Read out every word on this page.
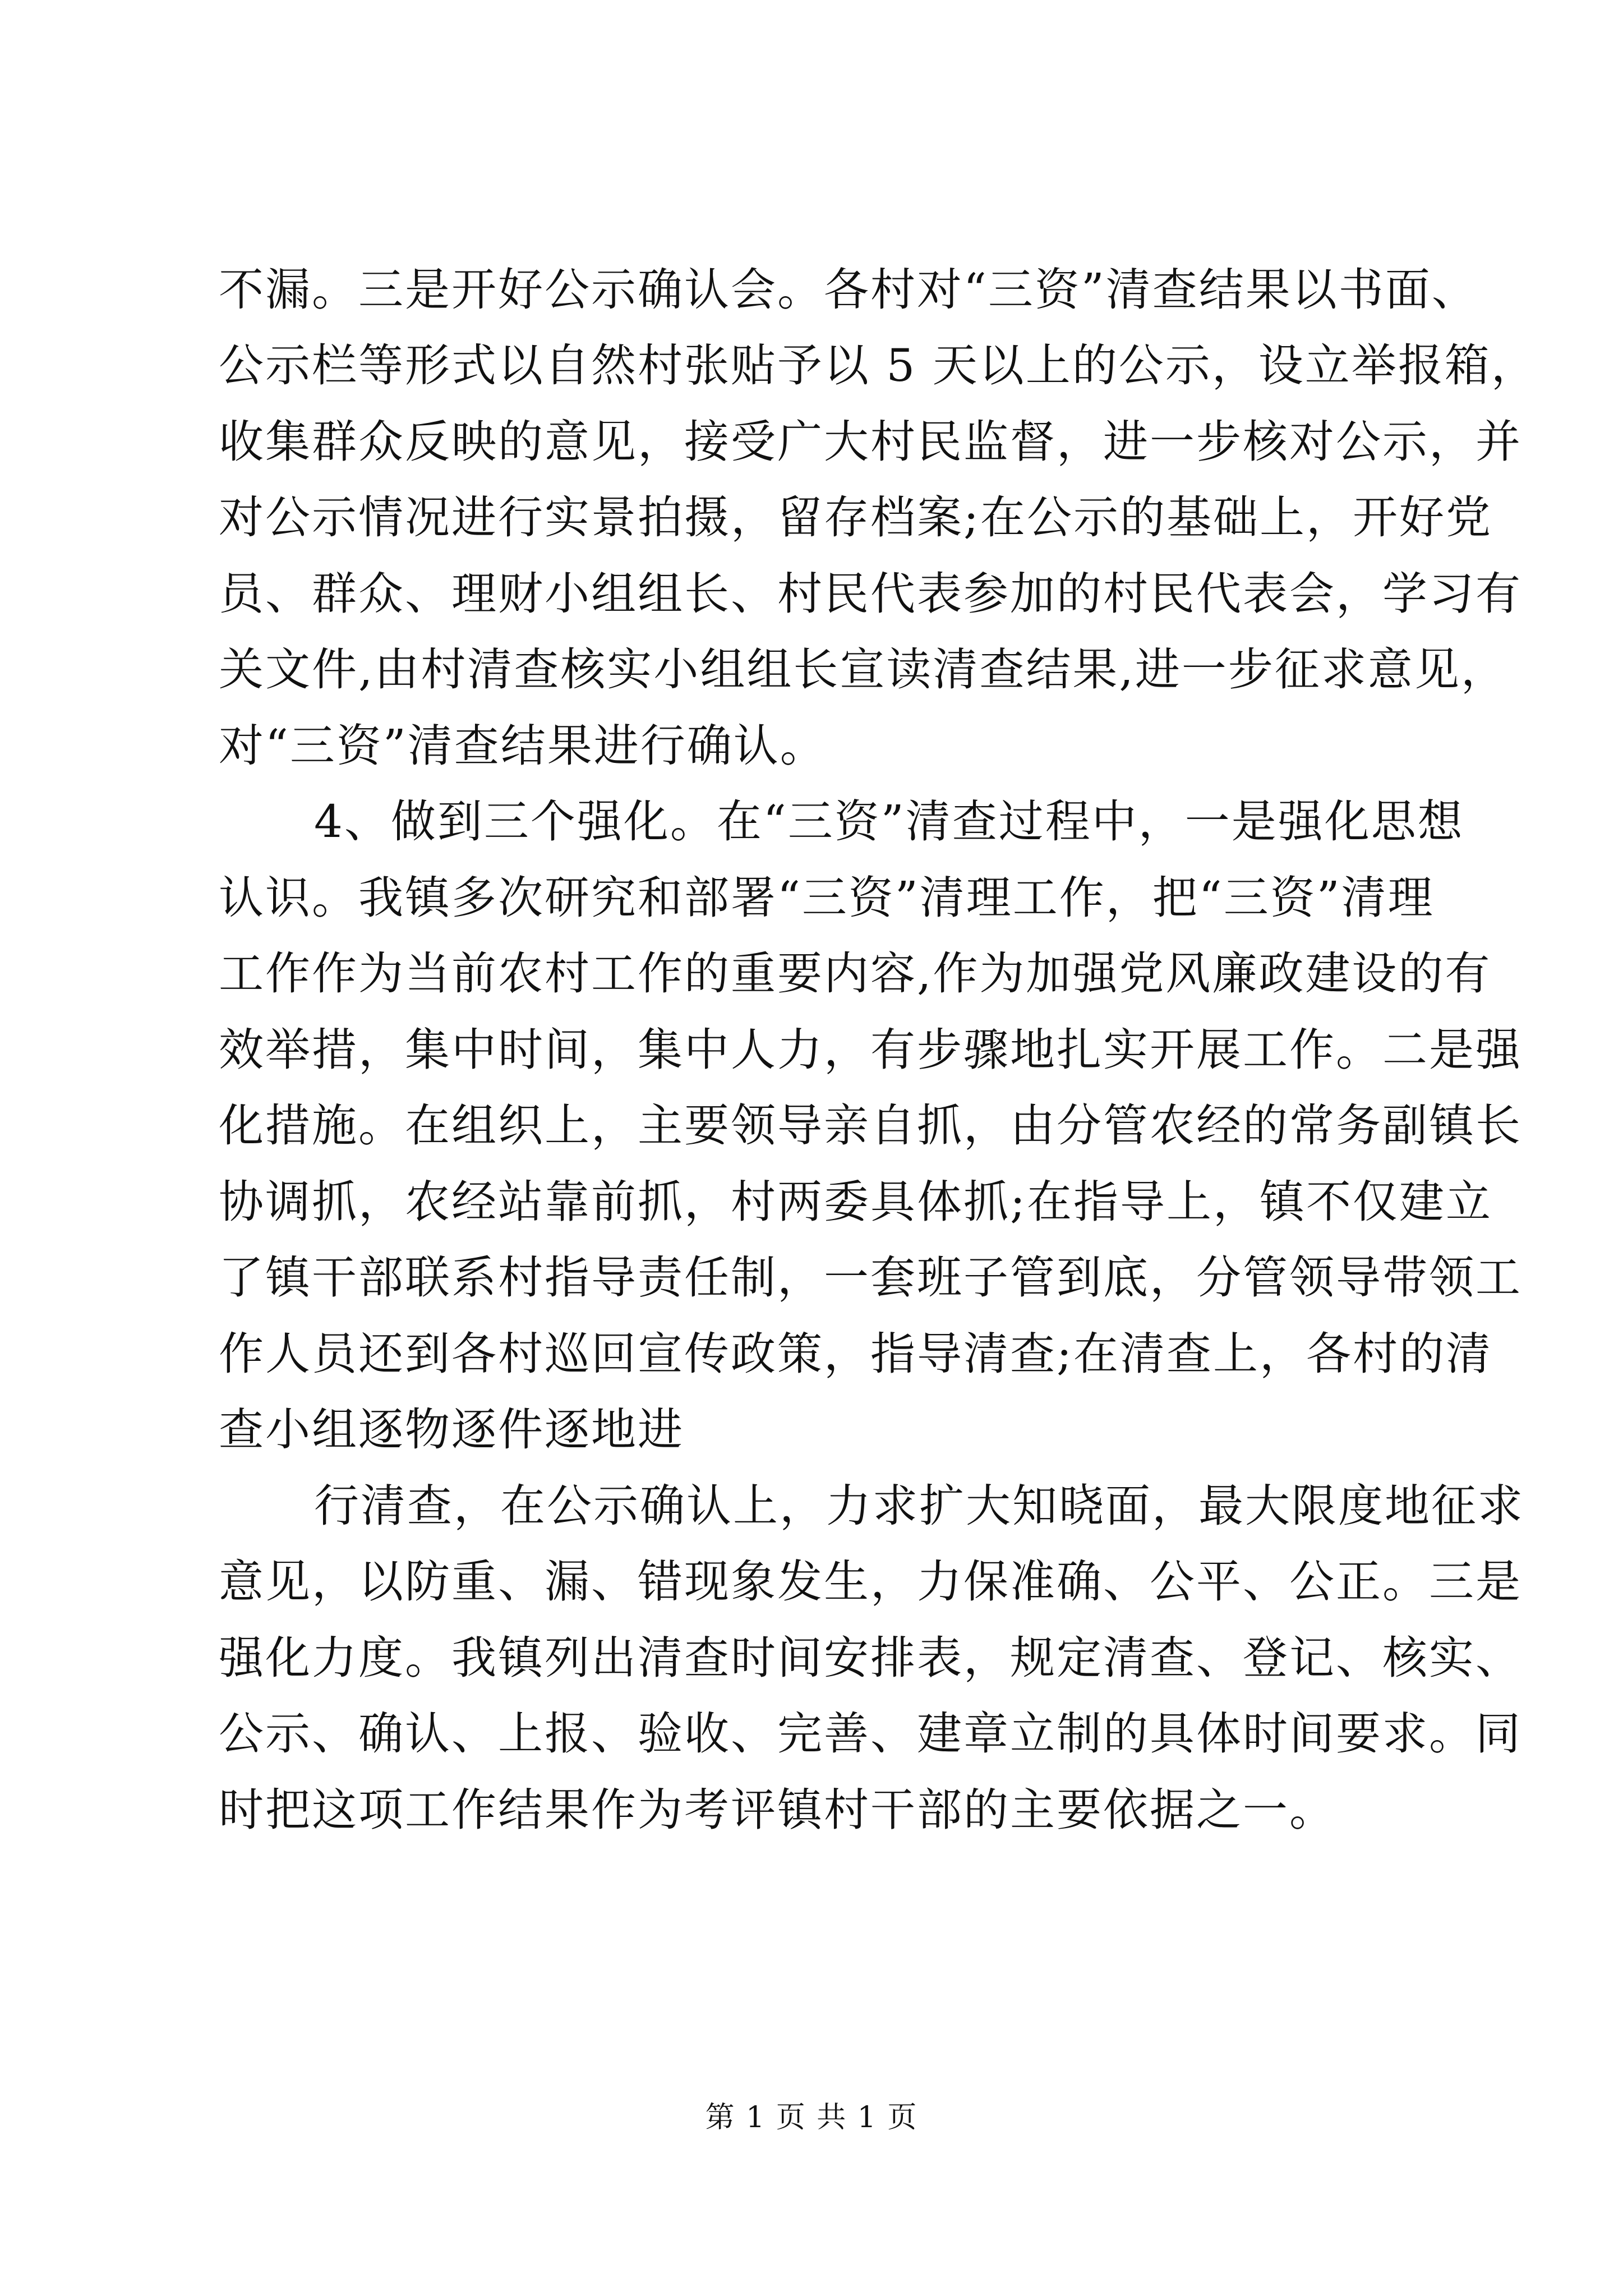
不漏。三是开好公示确认会。各村对“三资”清查结果以书面、
公示栏等形式以自然村张贴予以 5 天以上的公示，设立举报箱，
收集群众反映的意见，接受广大村民监督，进一步核对公示，并
对公示情况进行实景拍摄，留存档案;在公示的基础上，开好党
员、群众、理财小组组长、村民代表参加的村民代表会，学习有
关文件,由村清查核实小组组长宣读清查结果,进一步征求意见，
对“三资”清查结果进行确认。
4、做到三个强化。在“三资”清查过程中，一是强化思想
认识。我镇多次研究和部署“三资”清理工作，把“三资”清理
工作作为当前农村工作的重要内容,作为加强党风廉政建设的有
效举措，集中时间，集中人力，有步骤地扎实开展工作。二是强
化措施。在组织上，主要领导亲自抓，由分管农经的常务副镇长
协调抓，农经站靠前抓，村两委具体抓;在指导上，镇不仅建立
了镇干部联系村指导责任制，一套班子管到底，分管领导带领工
作人员还到各村巡回宣传政策，指导清查;在清查上，各村的清
查小组逐物逐件逐地进
行清查，在公示确认上，力求扩大知晓面，最大限度地征求
意见，以防重、漏、错现象发生，力保准确、公平、公正。三是
强化力度。我镇列出清查时间安排表，规定清查、登记、核实、
公示、确认、上报、验收、完善、建章立制的具体时间要求。同
时把这项工作结果作为考评镇村干部的主要依据之一。
第 1 页 共 1 页
